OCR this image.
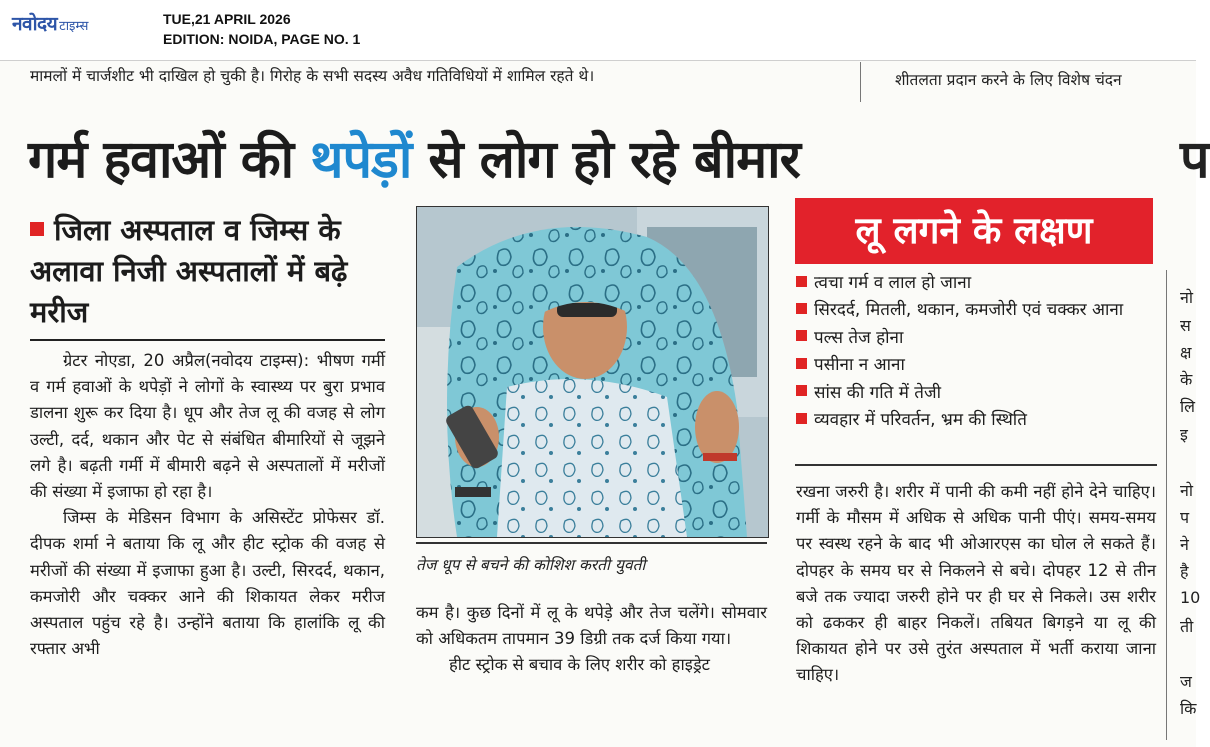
नवोदय टाइम्स	TUE,21 APRIL 2026
EDITION: NOIDA, PAGE NO. 1
मामलों में चार्जशीट भी दाखिल हो चुकी है। गिरोह के सभी सदस्य अवैध गतिविधियों में शामिल रहते थे।	शीतलता प्रदान करने के लिए विशेष चंदन
गर्म हवाओं की थपेड़ों से लोग हो रहे बीमार	प
जिला अस्पताल व जिम्स के अलावा निजी अस्पतालों में बढ़े मरीज

ग्रेटर नोएडा, 20 अप्रैल(नवोदय टाइम्स): भीषण गर्मी व गर्म हवाओं के थपेड़ों ने लोगों के स्वास्थ्य पर बुरा प्रभाव डालना शुरू कर दिया है। धूप और तेज लू की वजह से लोग उल्टी, दर्द, थकान और पेट से संबंधित बीमारियों से जूझने लगे है। बढ़ती गर्मी में बीमारी बढ़ने से अस्पतालों में मरीजों की संख्या में इजाफा हो रहा है।

जिम्स के मेडिसन विभाग के असिस्टेंट प्रोफेसर डॉ. दीपक शर्मा ने बताया कि लू और हीट स्ट्रोक की वजह से मरीजों की संख्या में इजाफा हुआ है। उल्टी, सिरदर्द, थकान, कमजोरी और चक्कर आने की शिकायत लेकर मरीज अस्पताल पहुंच रहे है। उन्होंने बताया कि हालांकि लू की रफ्तार अभी

तेज धूप से बचने की कोशिश करती युवती

कम है। कुछ दिनों में लू के थपेड़े और तेज चलेंगे। सोमवार को अधिकतम तापमान 39 डिग्री तक दर्ज किया गया।

हीट स्ट्रोक से बचाव के लिए शरीर को हाइड्रेट

लू लगने के लक्षण
त्वचा गर्म व लाल हो जाना
सिरदर्द, मितली, थकान, कमजोरी एवं चक्कर आना
पल्स तेज होना
पसीना न आना
सांस की गति में तेजी
व्यवहार में परिवर्तन, भ्रम की स्थिति

रखना जरुरी है। शरीर में पानी की कमी नहीं होने देने चाहिए। गर्मी के मौसम में अधिक से अधिक पानी पीएं। समय-समय पर स्वस्थ रहने के बाद भी ओआरएस का घोल ले सकते हैं। दोपहर के समय घर से निकलने से बचे। दोपहर 12 से तीन बजे तक ज्यादा जरुरी होने पर ही घर से निकले। उस शरीर को ढककर ही बाहर निकलें। तबियत बिगड़ने या लू की शिकायत होने पर उसे तुरंत अस्पताल में भर्ती कराया जाना चाहिए।

नो
स
क्ष
के
लि
इ
नो
प
ने
है
10
ती
ज
कि
